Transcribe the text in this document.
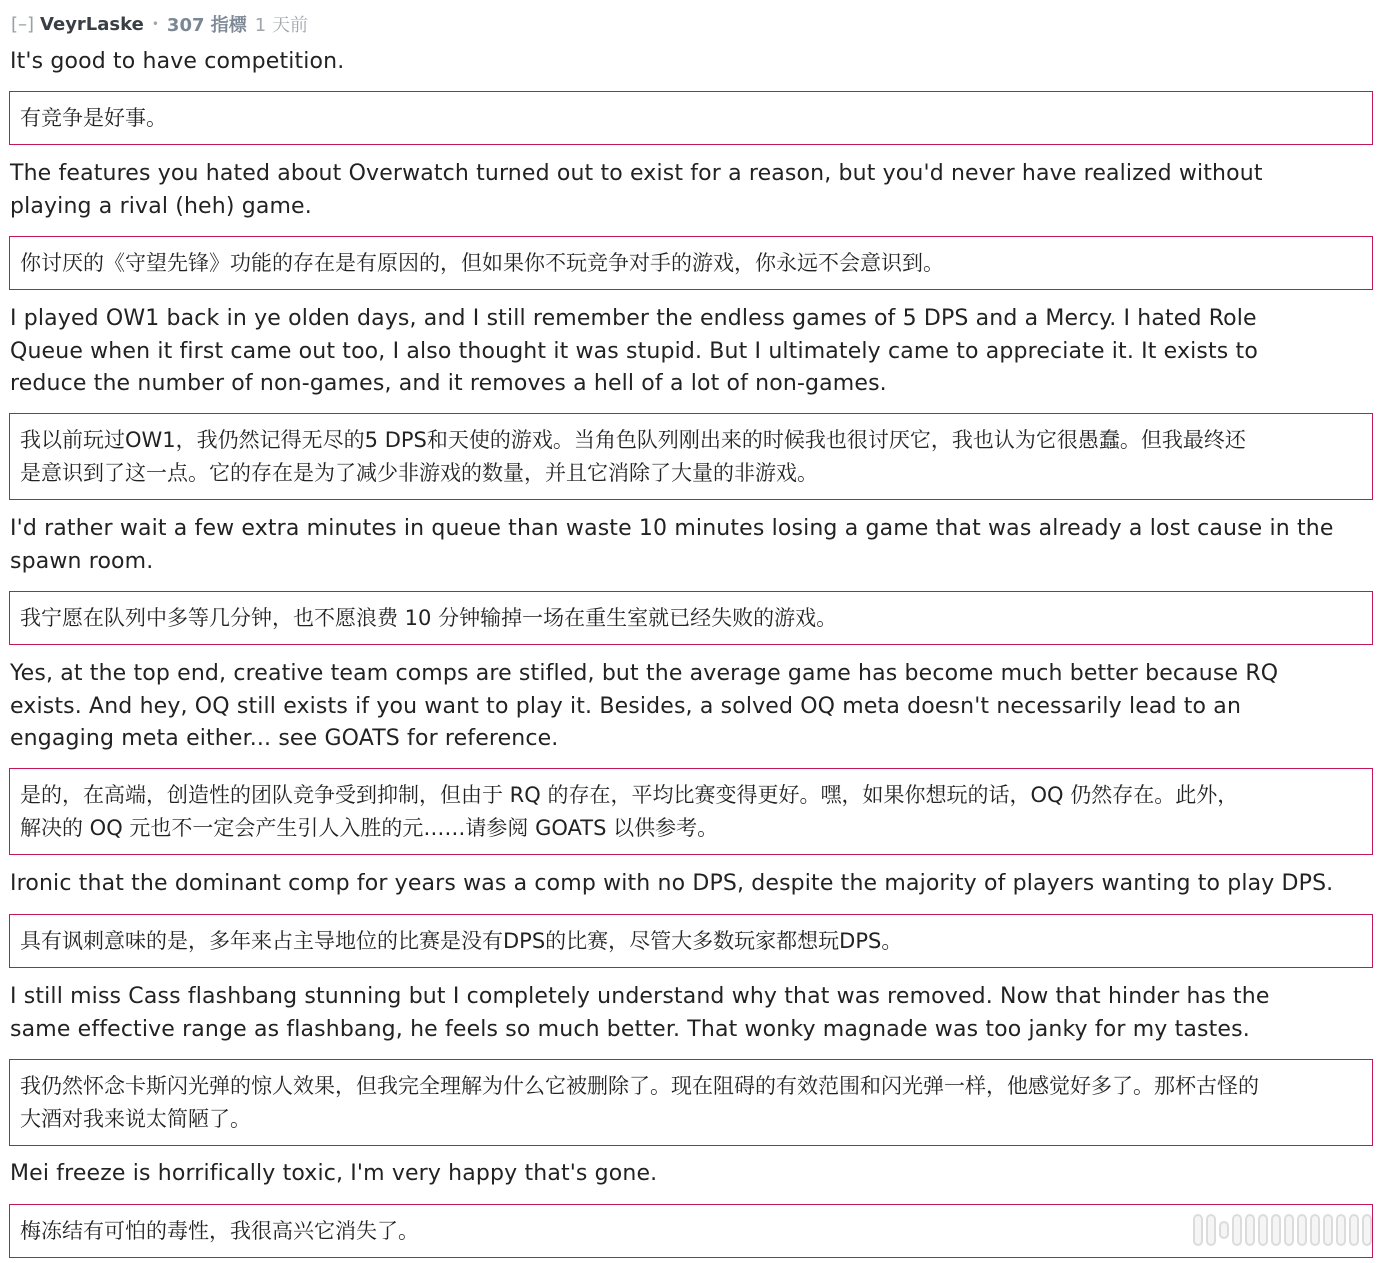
[–] VeyrLaske • 307 指標 1 天前
It's good to have competition.
有竞争是好事。
The features you hated about Overwatch turned out to exist for a reason, but you'd never have realized without
playing a rival (heh) game.
你讨厌的《守望先锋》功能的存在是有原因的，但如果你不玩竞争对手的游戏，你永远不会意识到。
I played OW1 back in ye olden days, and I still remember the endless games of 5 DPS and a Mercy. I hated Role
Queue when it first came out too, I also thought it was stupid. But I ultimately came to appreciate it. It exists to
reduce the number of non-games, and it removes a hell of a lot of non-games.
我以前玩过OW1，我仍然记得无尽的5 DPS和天使的游戏。当角色队列刚出来的时候我也很讨厌它，我也认为它很愚蠢。但我最终还
是意识到了这一点。它的存在是为了减少非游戏的数量，并且它消除了大量的非游戏。
I'd rather wait a few extra minutes in queue than waste 10 minutes losing a game that was already a lost cause in the
spawn room.
我宁愿在队列中多等几分钟，也不愿浪费 10 分钟输掉一场在重生室就已经失败的游戏。
Yes, at the top end, creative team comps are stifled, but the average game has become much better because RQ
exists. And hey, OQ still exists if you want to play it. Besides, a solved OQ meta doesn't necessarily lead to an
engaging meta either... see GOATS for reference.
是的，在高端，创造性的团队竞争受到抑制，但由于 RQ 的存在，平均比赛变得更好。嘿，如果你想玩的话，OQ 仍然存在。此外，
解决的 OQ 元也不一定会产生引人入胜的元……请参阅 GOATS 以供参考。
Ironic that the dominant comp for years was a comp with no DPS, despite the majority of players wanting to play DPS.
具有讽刺意味的是，多年来占主导地位的比赛是没有DPS的比赛，尽管大多数玩家都想玩DPS。
I still miss Cass flashbang stunning but I completely understand why that was removed. Now that hinder has the
same effective range as flashbang, he feels so much better. That wonky magnade was too janky for my tastes.
我仍然怀念卡斯闪光弹的惊人效果，但我完全理解为什么它被删除了。现在阻碍的有效范围和闪光弹一样，他感觉好多了。那杯古怪的
大酒对我来说太简陋了。
Mei freeze is horrifically toxic, I'm very happy that's gone.
梅冻结有可怕的毒性，我很高兴它消失了。
